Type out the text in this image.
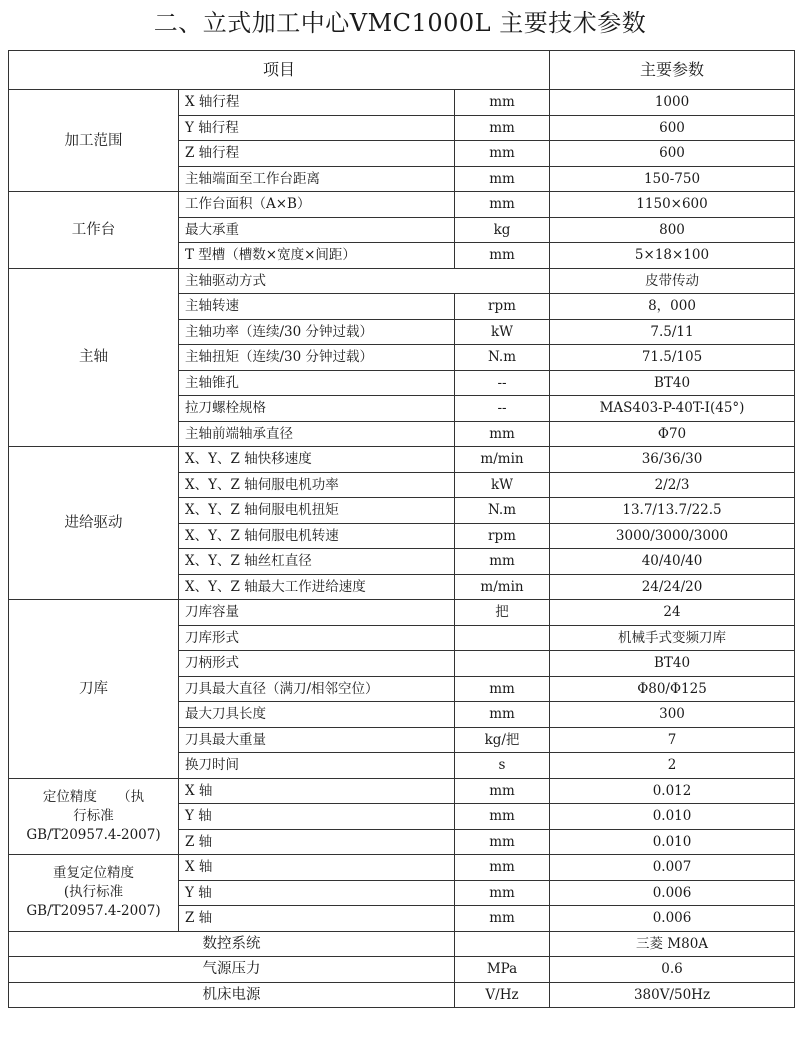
二、立式加工中心VMC1000L 主要技术参数
项目			主要参数
加工范围	X 轴行程	mm	1000
	Y 轴行程	mm	600
	Z 轴行程	mm	600
	主轴端面至工作台距离	mm	150-750
工作台	工作台面积（A×B）	mm	1150×600
	最大承重	kg	800
	T 型槽（槽数×宽度×间距）	mm	5×18×100
主轴	主轴驱动方式		皮带传动
	主轴转速	rpm	8，000
	主轴功率（连续/30 分钟过载）	kW	7.5/11
	主轴扭矩（连续/30 分钟过载）	N.m	71.5/105
	主轴锥孔	--	BT40
	拉刀螺栓规格	--	MAS403-P-40T-I(45°)
	主轴前端轴承直径	mm	Φ70
进给驱动	X、Y、Z 轴快移速度	m/min	36/36/30
	X、Y、Z 轴伺服电机功率	kW	2/2/3
	X、Y、Z 轴伺服电机扭矩	N.m	13.7/13.7/22.5
	X、Y、Z 轴伺服电机转速	rpm	3000/3000/3000
	X、Y、Z 轴丝杠直径	mm	40/40/40
	X、Y、Z 轴最大工作进给速度	m/min	24/24/20
刀库	刀库容量	把	24
	刀库形式		机械手式变频刀库
	刀柄形式		BT40
	刀具最大直径（满刀/相邻空位）	mm	Φ80/Φ125
	最大刀具长度	mm	300
	刀具最大重量	kg/把	7
	换刀时间	s	2
定位精度　　（执
行标准
GB/T20957.4-2007)	X 轴	mm	0.012
	Y 轴	mm	0.010
	Z 轴	mm	0.010
重复定位精度
(执行标准
GB/T20957.4-2007)	X 轴	mm	0.007
	Y 轴	mm	0.006
	Z 轴	mm	0.006
数控系统			三菱 M80A
气源压力		MPa	0.6
机床电源		V/Hz	380V/50Hz
